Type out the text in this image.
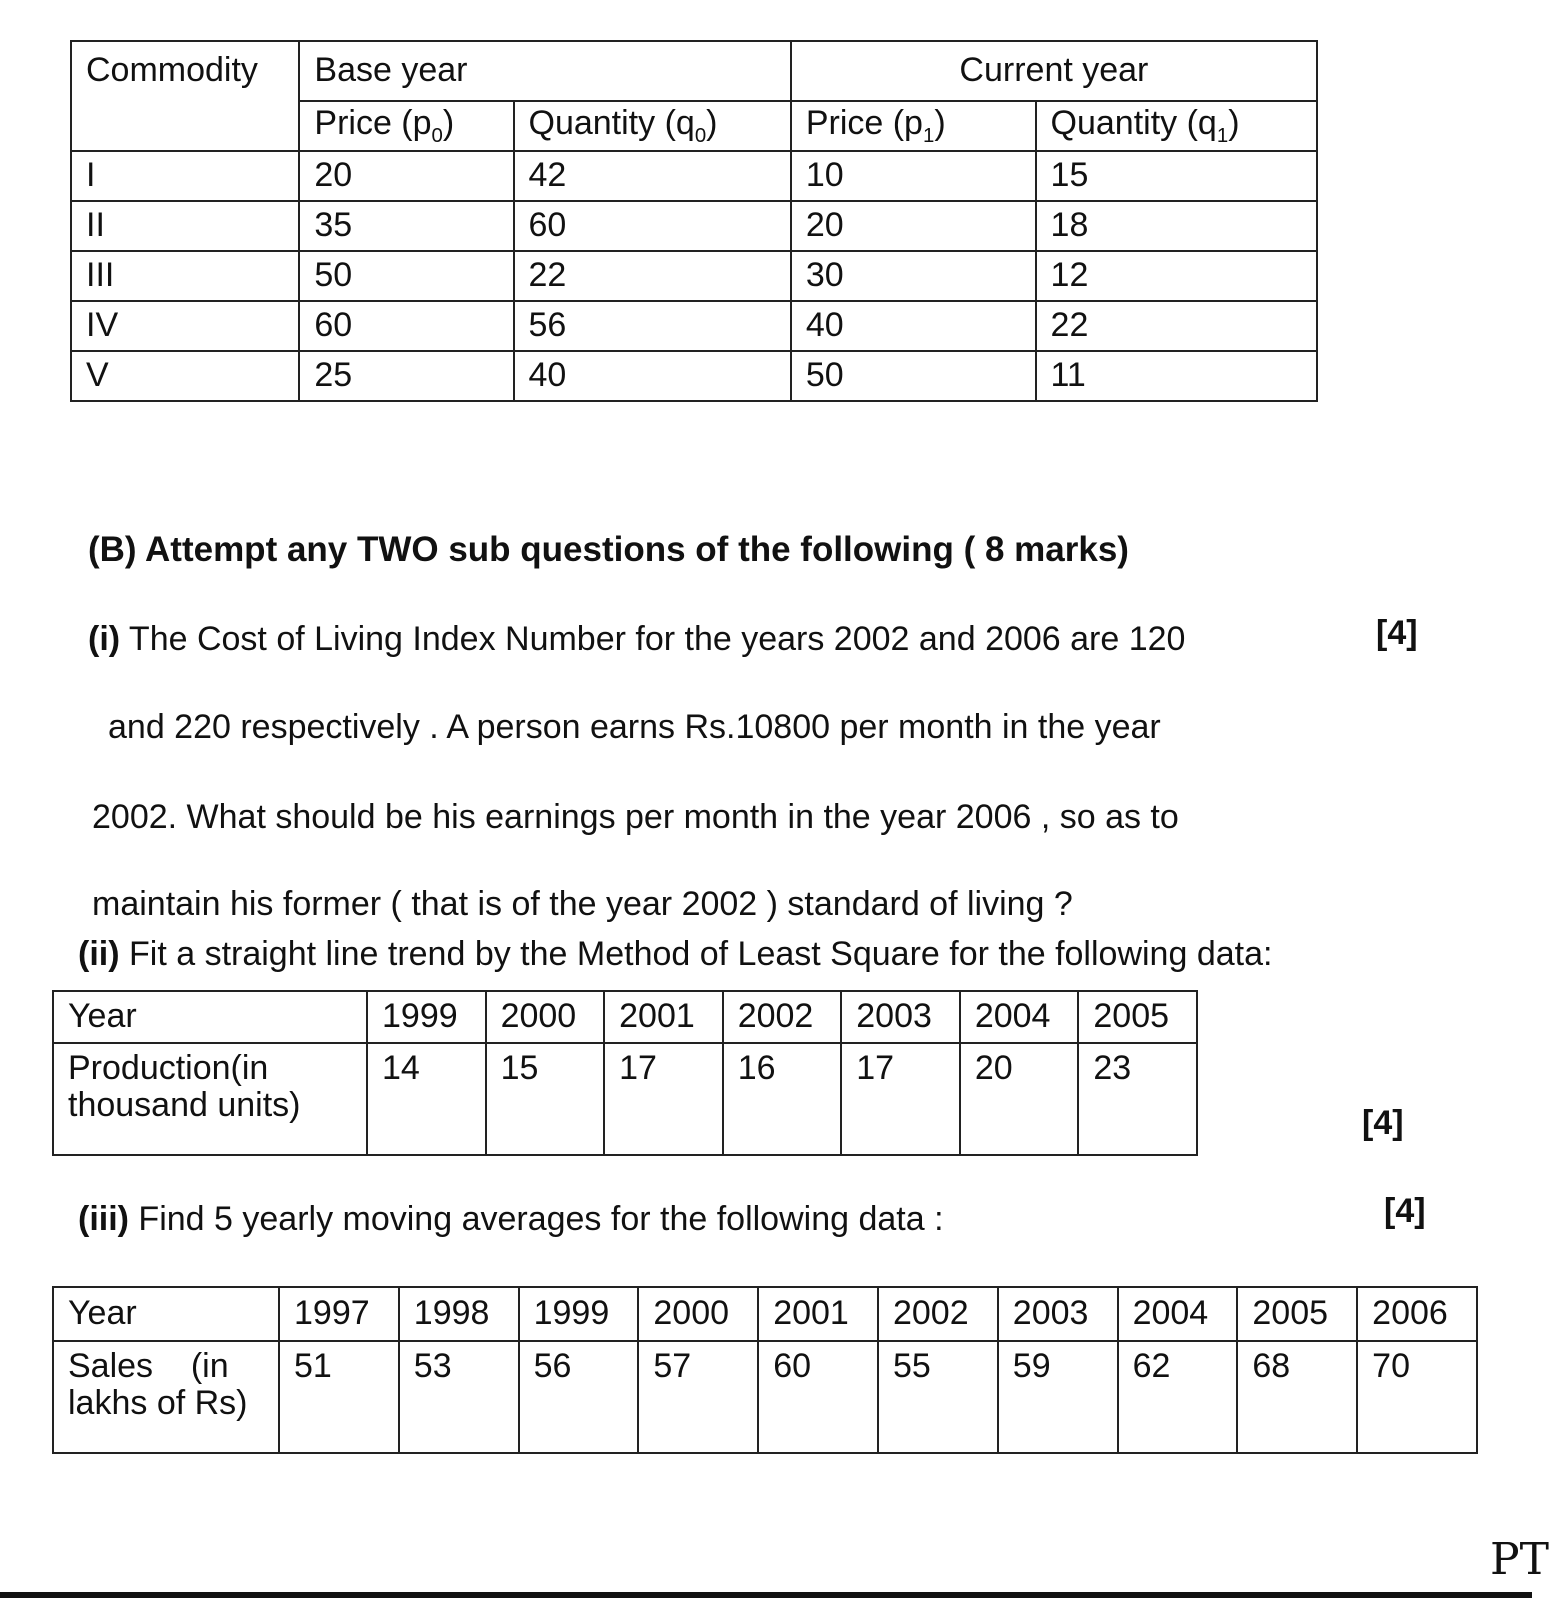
Commodity	Base year		Current year	
	Price $(p_0)$	Quantity $(q_0)$	Price $(p_1)$	Quantity $(q_1)$
I	20	42	10	15
II	35	60	20	18
III	50	22	30	12
IV	60	56	40	22
V	25	40	50	11
(B) Attempt any TWO sub questions of the following ( 8 marks)
(i) The Cost of Living Index Number for the years 2002 and 2006 are 120	[4]
and 220 respectively . A person earns Rs.10800 per month in the year
2002. What should be his earnings per month in the year 2006 , so as to
maintain his former ( that is of the year 2002 ) standard of living ?
(ii) Fit a straight line trend by the Method of Least Square for the following data:
Year	1999	2000	2001	2002	2003	2004	2005

Production(in
thousand units)	14	15	17	16	17	20	23
[4]
(iii) Find 5 yearly moving averages for the following data :	[4]
Year	1997	1998	1999	2000	2001	2002	2003	2004	2005	2006

Sales    (in
lakhs of Rs)	51	53	56	57	60	55	59	62	68	70
PT
